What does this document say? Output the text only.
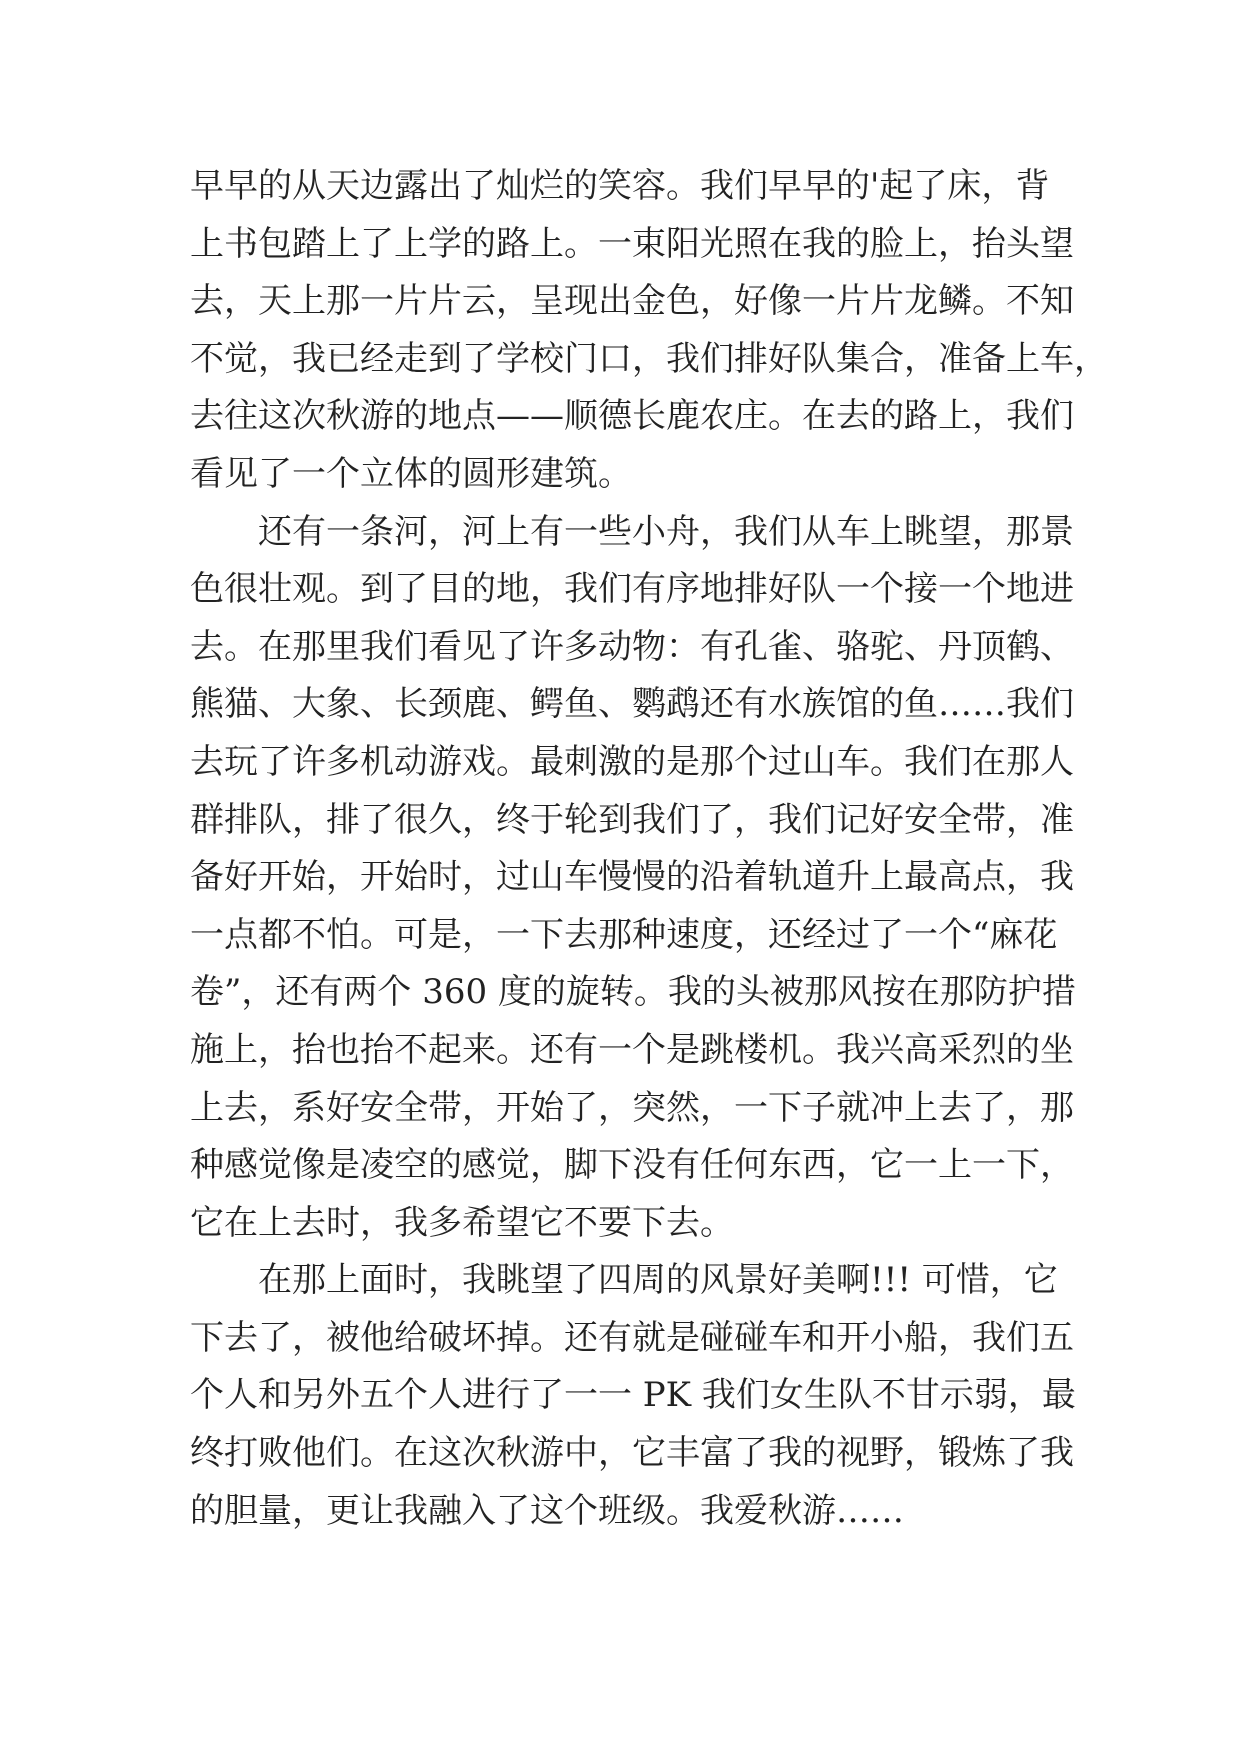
早早的从天边露出了灿烂的笑容。我们早早的'起了床，背
上书包踏上了上学的路上。一束阳光照在我的脸上，抬头望
去，天上那一片片云，呈现出金色，好像一片片龙鳞。不知
不觉，我已经走到了学校门口，我们排好队集合，准备上车，
去往这次秋游的地点——顺德长鹿农庄。在去的路上，我们
看见了一个立体的圆形建筑。
还有一条河，河上有一些小舟，我们从车上眺望，那景
色很壮观。到了目的地，我们有序地排好队一个接一个地进
去。在那里我们看见了许多动物：有孔雀、骆驼、丹顶鹤、
熊猫、大象、长颈鹿、鳄鱼、鹦鹉还有水族馆的鱼……我们
去玩了许多机动游戏。最刺激的是那个过山车。我们在那人
群排队，排了很久，终于轮到我们了，我们记好安全带，准
备好开始，开始时，过山车慢慢的沿着轨道升上最高点，我
一点都不怕。可是，一下去那种速度，还经过了一个“麻花
卷”，还有两个 360 度的旋转。我的头被那风按在那防护措
施上，抬也抬不起来。还有一个是跳楼机。我兴高采烈的坐
上去，系好安全带，开始了，突然，一下子就冲上去了，那
种感觉像是凌空的感觉，脚下没有任何东西，它一上一下，
它在上去时，我多希望它不要下去。
在那上面时，我眺望了四周的风景好美啊!!! 可惜，它
下去了，被他给破坏掉。还有就是碰碰车和开小船，我们五
个人和另外五个人进行了一一 PK 我们女生队不甘示弱，最
终打败他们。在这次秋游中，它丰富了我的视野，锻炼了我
的胆量，更让我融入了这个班级。我爱秋游……
